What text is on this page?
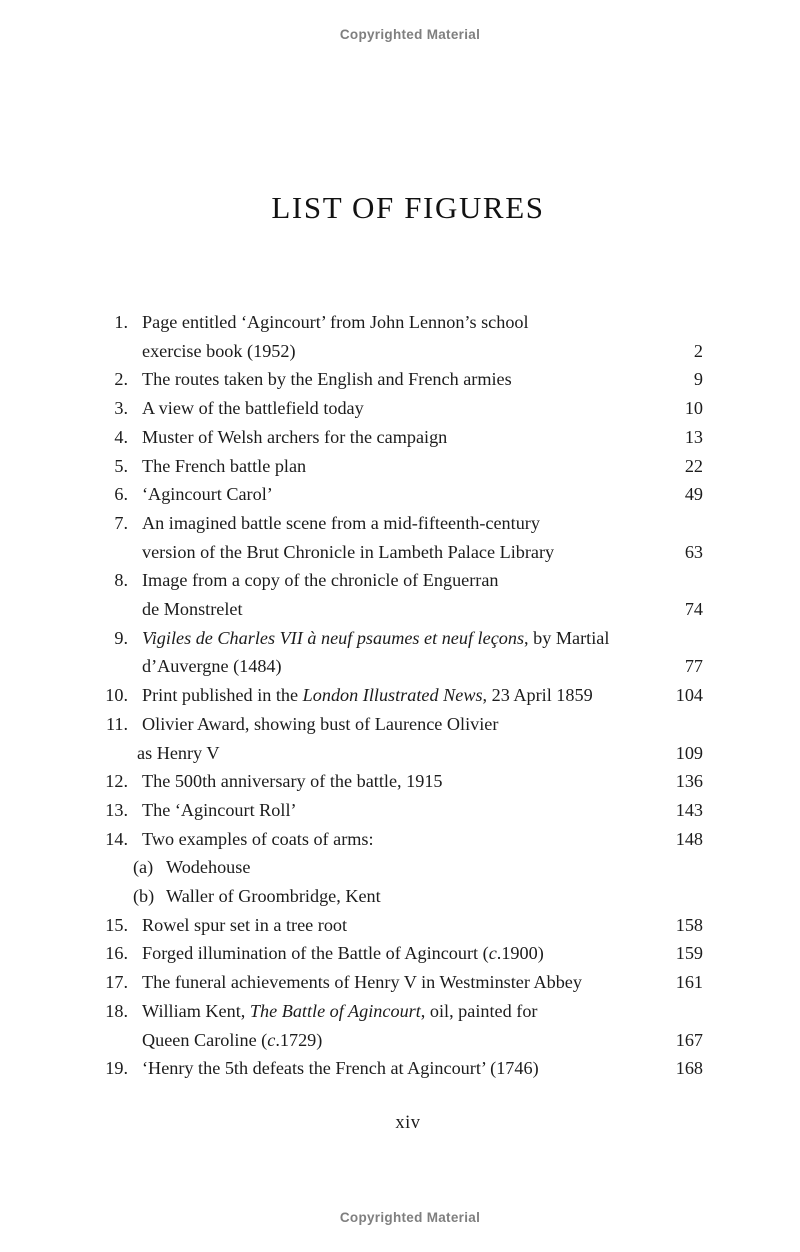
Copyrighted Material
LIST OF FIGURES
1. Page entitled ‘Agincourt’ from John Lennon’s school
exercise book (1952)	2
2. The routes taken by the English and French armies	9
3. A view of the battlefield today	10
4. Muster of Welsh archers for the campaign	13
5. The French battle plan	22
6. ‘Agincourt Carol’	49
7. An imagined battle scene from a mid-fifteenth-century
version of the Brut Chronicle in Lambeth Palace Library	63
8. Image from a copy of the chronicle of Enguerran
de Monstrelet	74
9. Vigiles de Charles VII à neuf psaumes et neuf leçons, by Martial
d’Auvergne (1484)	77
10. Print published in the London Illustrated News, 23 April 1859	104
11. Olivier Award, showing bust of Laurence Olivier
as Henry V	109
12. The 500th anniversary of the battle, 1915	136
13. The ‘Agincourt Roll’	143
14. Two examples of coats of arms:	148
(a) Wodehouse
(b) Waller of Groombridge, Kent
15. Rowel spur set in a tree root	158
16. Forged illumination of the Battle of Agincourt (c.1900)	159
17. The funeral achievements of Henry V in Westminster Abbey	161
18. William Kent, The Battle of Agincourt, oil, painted for
Queen Caroline (c.1729)	167
19. ‘Henry the 5th defeats the French at Agincourt’ (1746)	168
xiv
Copyrighted Material
